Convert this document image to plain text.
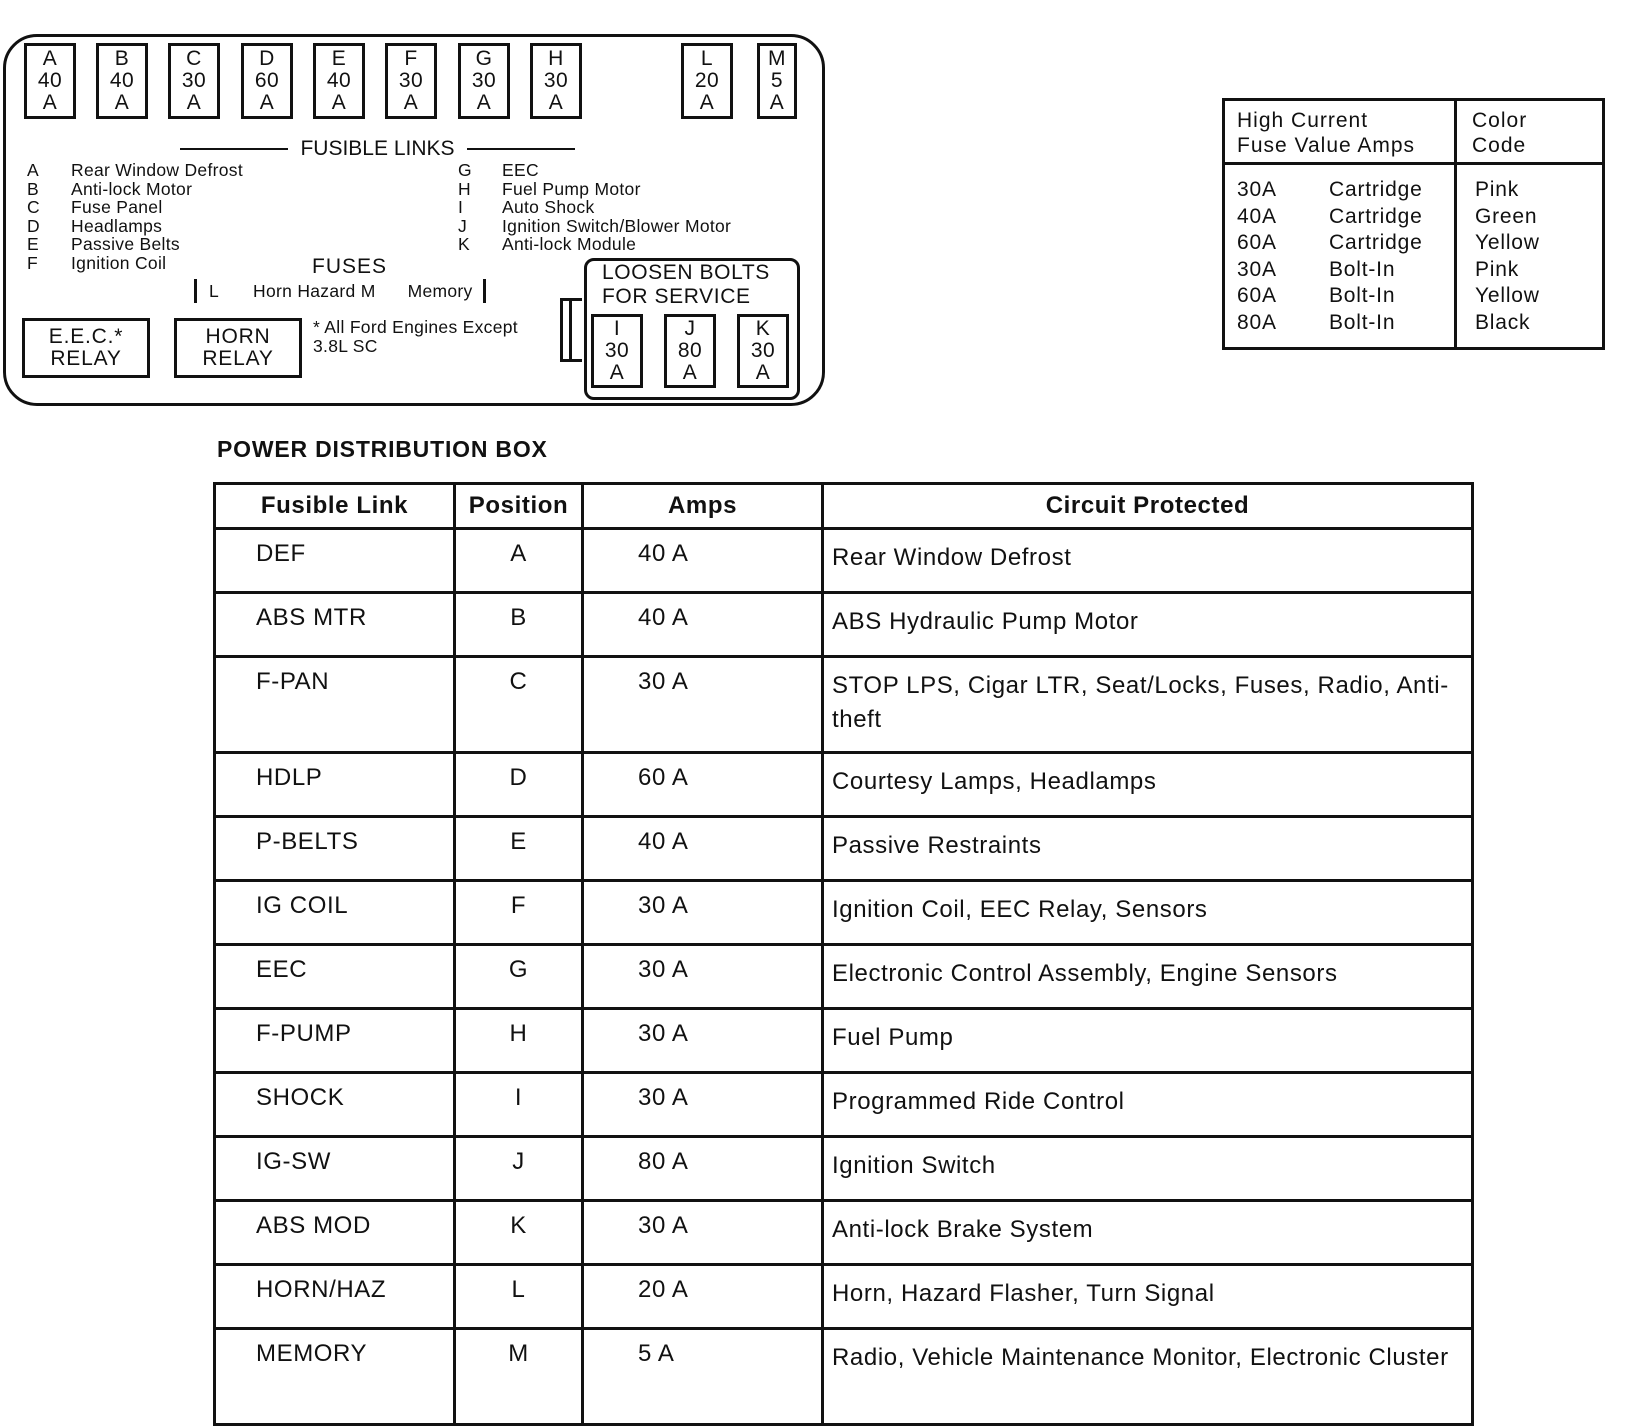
A
40
A
B
40
A
C
30
A
D
60
A
E
40
A
F
30
A
G
30
A
H
30
A
L
20
A
M
5
A
FUSIBLE LINKS
A	Rear Window Defrost
B	Anti-lock Motor
C	Fuse Panel
D	Headlamps
E	Passive Belts
F	Ignition Coil
G	EEC
H	Fuel Pump Motor
I	Auto Shock
J	Ignition Switch/Blower Motor
K	Anti-lock Module
FUSES
L Horn Hazard M Memory
E.E.C.*
RELAY
HORN
RELAY
* All Ford Engines Except
3.8L SC
LOOSEN BOLTS
FOR SERVICE
I
30
A
J
80
A
K
30
A
High Current
Fuse Value Amps
Color
Code
30A	Cartridge	Pink
40A	Cartridge	Green
60A	Cartridge	Yellow
30A	Bolt-In	Pink
60A	Bolt-In	Yellow
80A	Bolt-In	Black
POWER DISTRIBUTION BOX
Fusible Link	Position	Amps	Circuit Protected
DEF	A	40 A	Rear Window Defrost
ABS MTR	B	40 A	ABS Hydraulic Pump Motor
F-PAN	C	30 A	STOP LPS, Cigar LTR, Seat/Locks, Fuses, Radio, Anti-theft
HDLP	D	60 A	Courtesy Lamps, Headlamps
P-BELTS	E	40 A	Passive Restraints
IG COIL	F	30 A	Ignition Coil, EEC Relay, Sensors
EEC	G	30 A	Electronic Control Assembly, Engine Sensors
F-PUMP	H	30 A	Fuel Pump
SHOCK	I	30 A	Programmed Ride Control
IG-SW	J	80 A	Ignition Switch
ABS MOD	K	30 A	Anti-lock Brake System
HORN/HAZ	L	20 A	Horn, Hazard Flasher, Turn Signal
MEMORY	M	5 A	Radio, Vehicle Maintenance Monitor, Electronic Cluster
